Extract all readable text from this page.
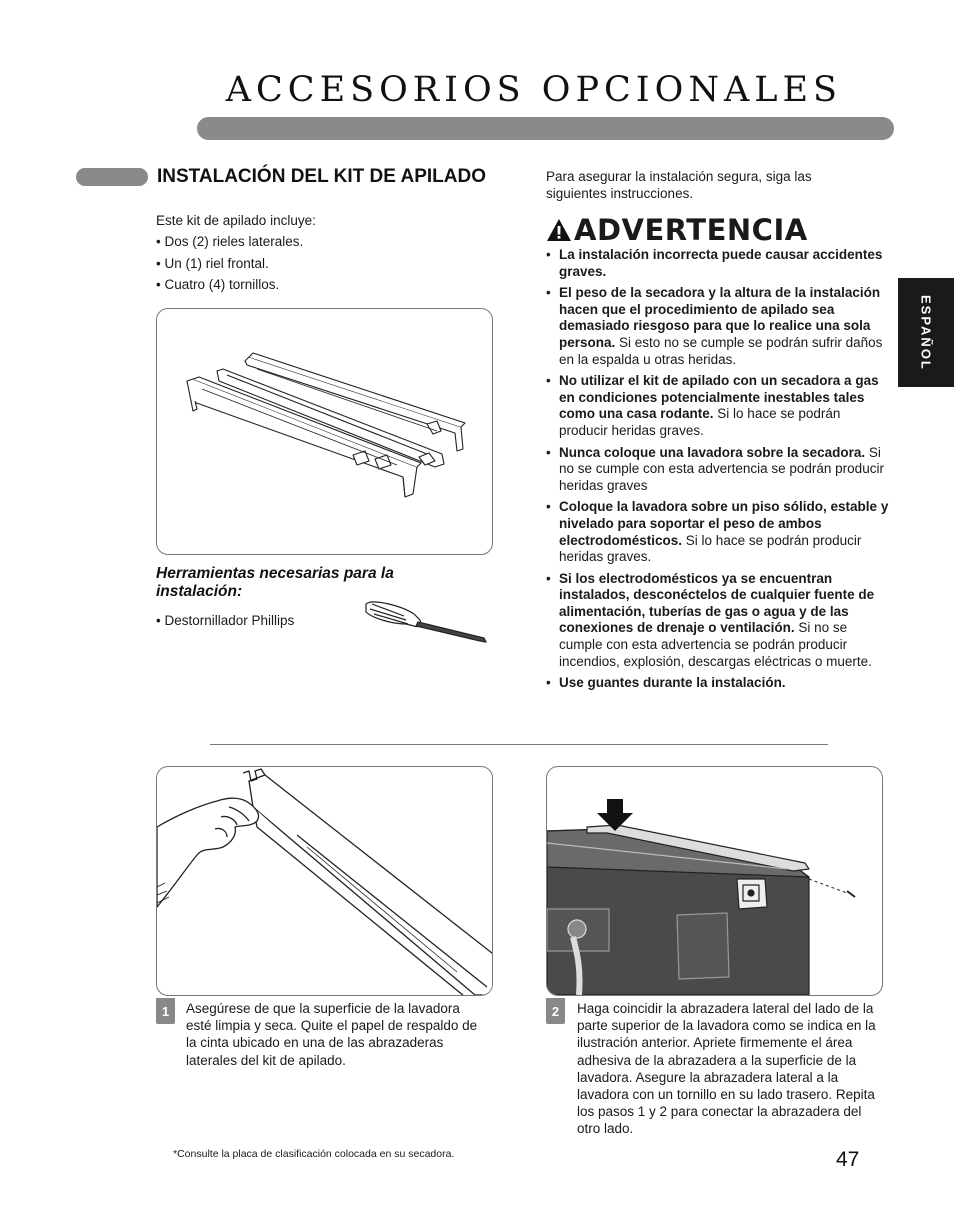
ACCESORIOS OPCIONALES
ESPAÑOL
INSTALACIÓN DEL KIT DE APILADO
Este kit de apilado incluye:
• Dos (2) rieles laterales.
• Un (1) riel frontal.
• Cuatro (4) tornillos.
Herramientas necesarias para la instalación:
• Destornillador Phillips
Para asegurar la instalación segura, siga las siguientes instrucciones.
ADVERTENCIA
• La instalación incorrecta puede causar accidentes graves.
• El peso de la secadora y la altura de la instalación hacen que el procedimiento de apilado sea demasiado riesgoso para que lo realice una sola persona. Si esto no se cumple se podrán sufrir daños en la espalda u otras heridas.
• No utilizar el kit de apilado con un secadora a gas en condiciones potencialmente inestables tales como una casa rodante. Si lo hace se podrán producir heridas graves.
• Nunca coloque una lavadora sobre la secadora. Si no se cumple con esta advertencia se podrán producir heridas graves
• Coloque la lavadora sobre un piso sólido, estable y nivelado para soportar el peso de ambos electrodomésticos. Si lo hace se podrán producir heridas graves.
• Si los electrodomésticos ya se encuentran instalados, desconéctelos de cualquier fuente de alimentación, tuberías de gas o agua y de las conexiones de drenaje o ventilación. Si no se cumple con esta advertencia se podrán producir incendios, explosión, descargas eléctricas o muerte.
• Use guantes durante la instalación.
1	Asegúrese de que la superficie de la lavadora esté limpia y seca. Quite el papel de respaldo de la cinta ubicado en una de las abrazaderas laterales del kit de apilado.
2	Haga coincidir la abrazadera lateral del lado de la parte superior de la lavadora como se indica en la ilustración anterior. Apriete firmemente el área adhesiva de la abrazadera a la superficie de la lavadora. Asegure la abrazadera lateral a la lavadora con un tornillo en su lado trasero. Repita los pasos 1 y 2 para conectar la abrazadera del otro lado.
*Consulte la placa de clasificación colocada en su secadora.	47
